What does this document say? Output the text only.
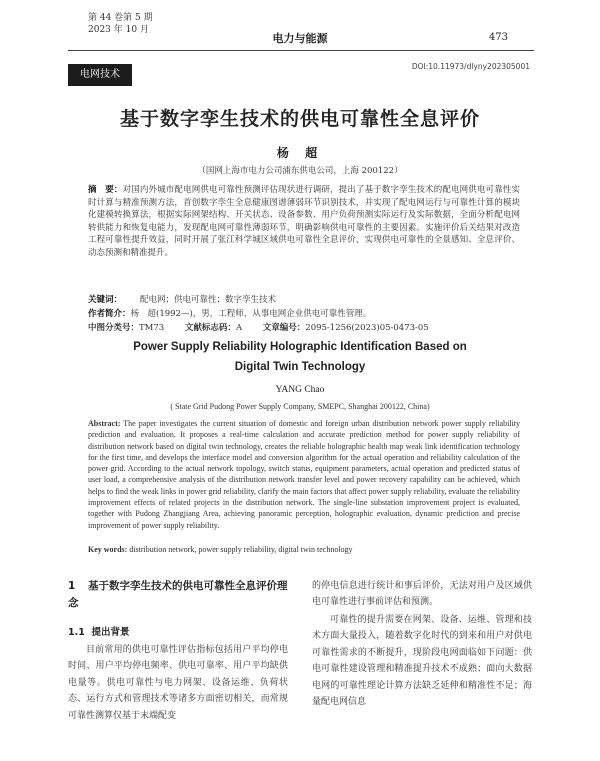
第 44 卷第 5 期
2023 年 10 月
电力与能源	473
电网技术
DOI:10.11973/dlyny202305001
基于数字孪生技术的供电可靠性全息评价
杨 超
（国网上海市电力公司浦东供电公司，上海 200122）
摘　要：对国内外城市配电网供电可靠性预测评估现状进行调研，提出了基于数字孪生技术的配电网供电可靠性实时计算与精准预测方法，首创数字孪生全息健康图谱薄弱环节识别技术，并实现了配电网运行与可靠性计算的模块化建模转换算法，根据实际网架结构、开关状态、设备参数、用户负荷预测实际运行及实际数据，全面分析配电网转供能力和恢复电能力，发现配电网可靠性薄弱环节，明确影响供电可靠性的主要因素。实施评价后关结果对改造工程可靠性提升效益，同时开展了张江科学城区域供电可靠性全息评价，实现供电可靠性的全景感知、全息评价、动态预测和精准提升。
关键词： 配电网；供电可靠性；数字孪生技术
作者简介：杨　超(1992—)，男，工程师，从事电网企业供电可靠性管理。
中图分类号：TM73 文献标志码：A 文章编号：2095-1256(2023)05-0473-05
Power Supply Reliability Holographic Identification Based on
Digital Twin Technology
YANG Chao
( State Grid Pudong Power Supply Company, SMEPC, Shanghai 200122, China)
Abstract: The paper investigates the current situation of domestic and foreign urban distribution network power supply reliability prediction and evaluation. It proposes a real-time calculation and accurate prediction method for power supply reliability of distribution network based on digital twin technology, creates the reliable holographic health map weak link identification technology for the first time, and develops the interface model and conversion algorithm for the actual operation and reliability calculation of the power grid. According to the actual network topology, switch status, equipment parameters, actual operation and predicted status of user load, a comprehensive analysis of the distribution network transfer level and power recovery capability can be achieved, which helps to find the weak links in power grid reliability, clarify the main factors that affect power supply reliability, evaluate the reliability improvement effects of related projects in the distribution network. The single-line substation improvement project is evaluated, together with Pudong Zhangjiang Area, achieving panoramic perception, holographic evaluation, dynamic prediction and precise improvement of power supply reliability.
Key words: distribution network, power supply reliability, digital twin technology
1 基于数字孪生技术的供电可靠性全息评价理念
1.1 提出背景
目前常用的供电可靠性评估指标包括用户平均停电时间、用户平均停电频率、供电可靠率、用户平均缺供电量等。供电可靠性与电力网架、设备运维、负荷状态、运行方式和管理技术等诸多方面密切相关，而常规可靠性测算仅基于末端配变
的停电信息进行统计和事后评价，无法对用户及区域供电可靠性进行事前评估和预测。
可靠性的提升需要在网架、设备、运维、管理和技术方面大量投入，随着数字化时代的到来和用户对供电可靠性需求的不断提升，现阶段电网面临如下问题：供电可靠性建设管理和精准提升技术不成熟；面向大数据电网的可靠性理论计算方法缺乏延伸和精准性不足；海量配电网信息
